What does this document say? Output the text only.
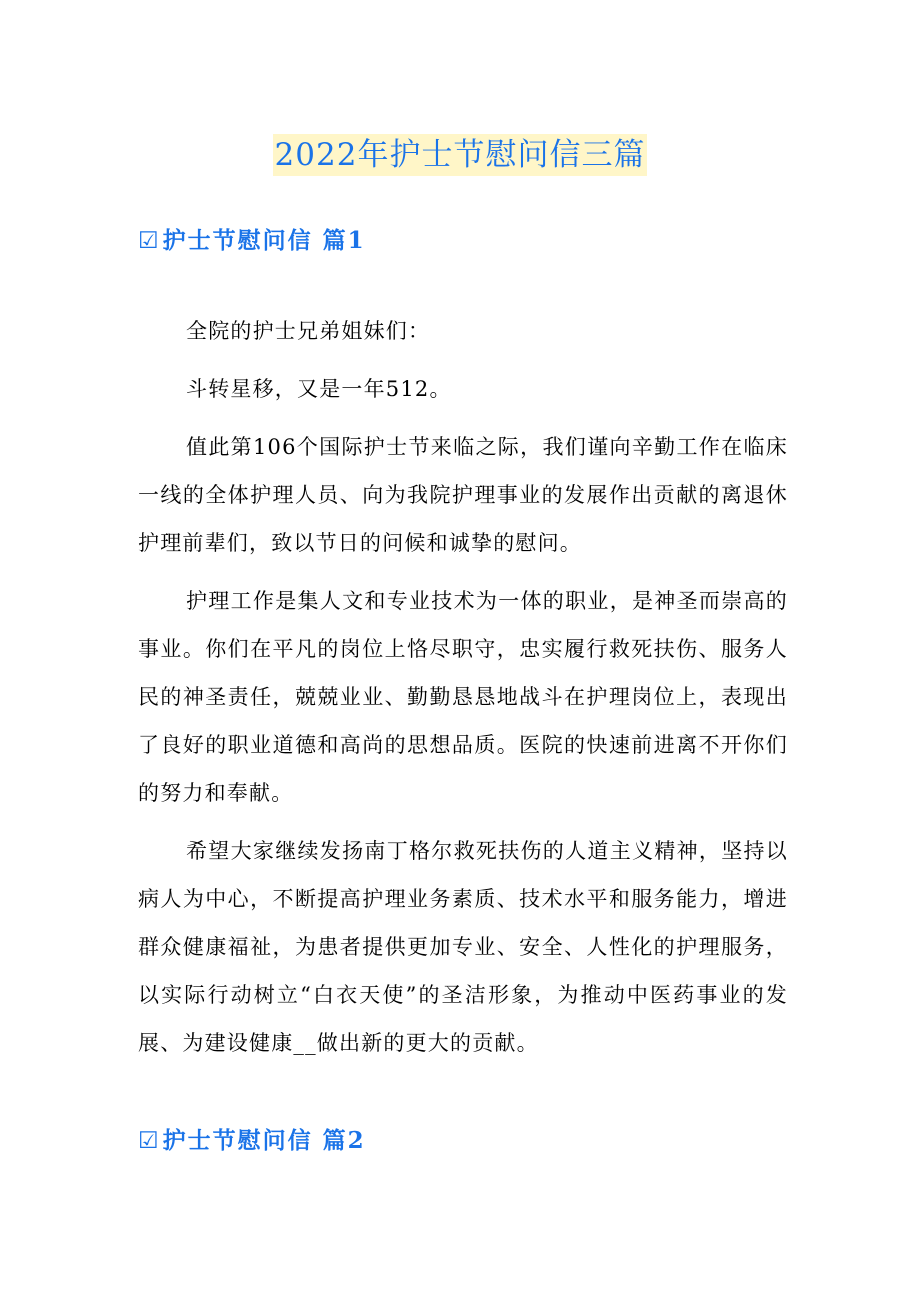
2022年护士节慰问信三篇
☑护士节慰问信 篇1

全院的护士兄弟姐妹们：

斗转星移，又是一年512。

值此第106个国际护士节来临之际，我们谨向辛勤工作在临床一线的全体护理人员、向为我院护理事业的发展作出贡献的离退休护理前辈们，致以节日的问候和诚挚的慰问。

护理工作是集人文和专业技术为一体的职业，是神圣而崇高的事业。你们在平凡的岗位上恪尽职守，忠实履行救死扶伤、服务人民的神圣责任，兢兢业业、勤勤恳恳地战斗在护理岗位上，表现出了良好的职业道德和高尚的思想品质。医院的快速前进离不开你们的努力和奉献。

希望大家继续发扬南丁格尔救死扶伤的人道主义精神，坚持以病人为中心，不断提高护理业务素质、技术水平和服务能力，增进群众健康福祉，为患者提供更加专业、安全、人性化的护理服务，以实际行动树立“白衣天使”的圣洁形象，为推动中医药事业的发展、为建设健康__做出新的更大的贡献。

☑护士节慰问信 篇2
